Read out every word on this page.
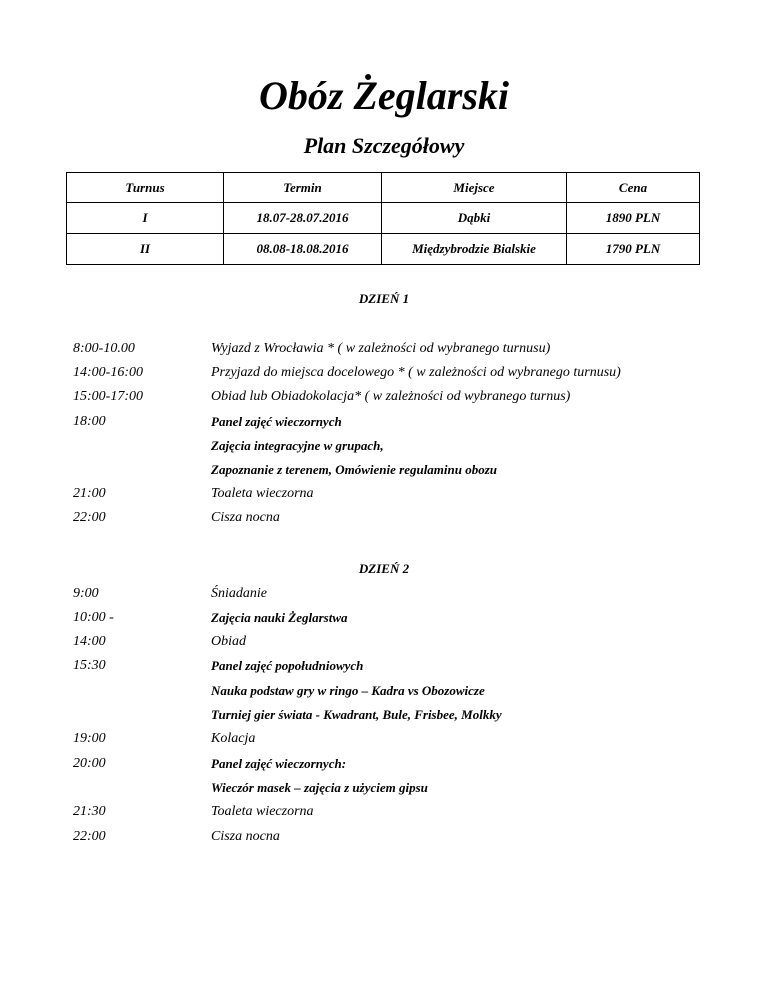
Obóz Żeglarski
Plan Szczegółowy
Turnus	Termin	Miejsce	Cena
I	18.07-28.07.2016	Dąbki	1890 PLN
II	08.08-18.08.2016	Międzybrodzie Bialskie	1790 PLN
DZIEŃ 1
8:00-10.00	Wyjazd z Wrocławia * ( w zależności od wybranego turnusu)
14:00-16:00	Przyjazd do miejsca docelowego * ( w zależności od wybranego turnusu)
15:00-17:00	Obiad lub Obiadokolacja* ( w zależności od wybranego turnus)
18:00	Panel zajęć wieczornych
Zajęcia integracyjne w grupach,
Zapoznanie z terenem, Omówienie regulaminu obozu
21:00	Toaleta wieczorna
22:00	Cisza nocna
DZIEŃ 2
9:00	Śniadanie
10:00 -	Zajęcia nauki Żeglarstwa
14:00	Obiad
15:30	Panel zajęć popołudniowych
Nauka podstaw gry w ringo – Kadra vs Obozowicze
Turniej gier świata - Kwadrant, Bule, Frisbee, Molkky
19:00	Kolacja
20:00	Panel zajęć wieczornych:
Wieczór masek – zajęcia z użyciem gipsu
21:30	Toaleta wieczorna
22:00	Cisza nocna
